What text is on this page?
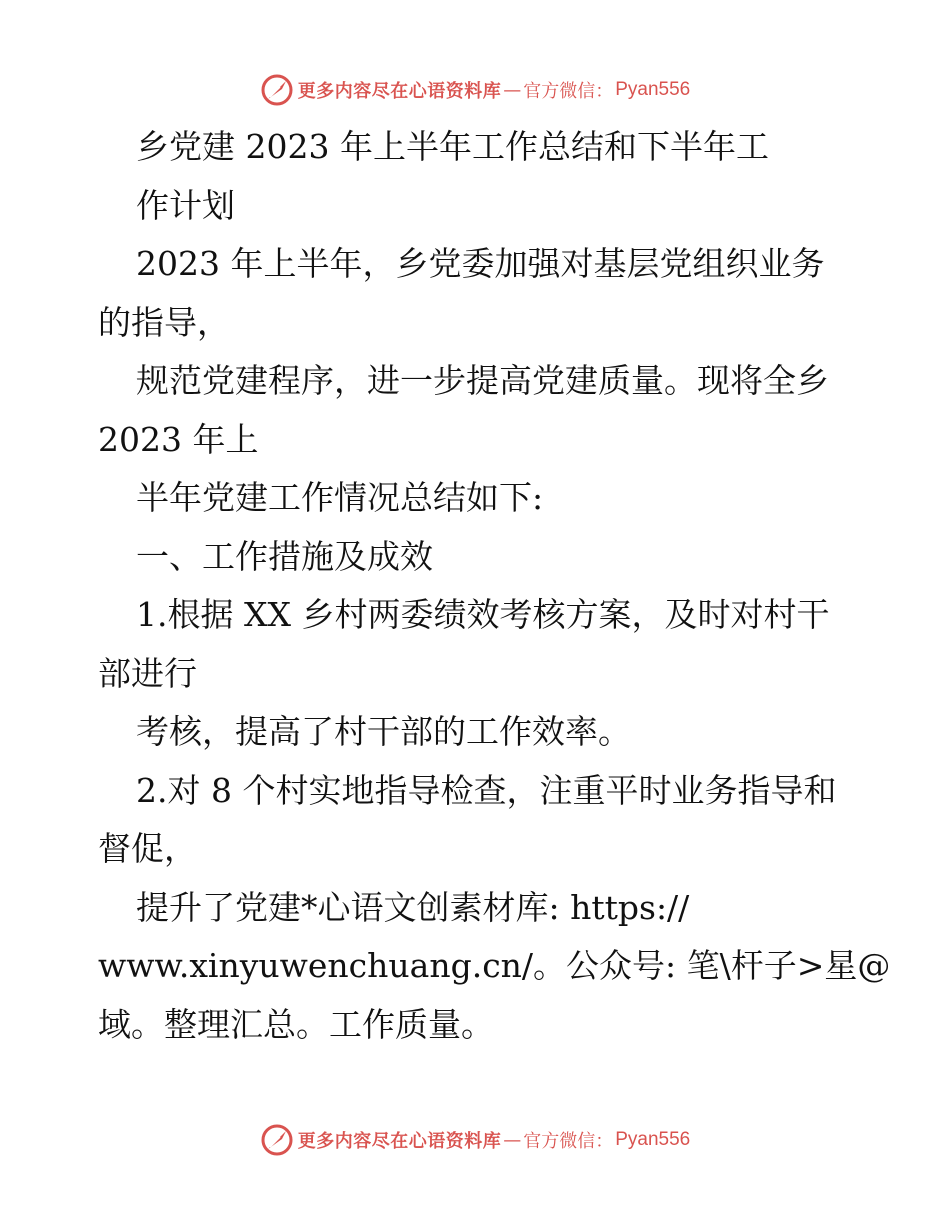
更多内容尽在心语资料库 — 官方微信： Pyan556

乡党建 2023 年上半年工作总结和下半年工

作计划

2023 年上半年，乡党委加强对基层党组织业务

的指导，

规范党建程序，进一步提高党建质量。现将全乡

2023 年上

半年党建工作情况总结如下:

一、工作措施及成效

1.根据 XX 乡村两委绩效考核方案，及时对村干

部进行

考核，提高了村干部的工作效率。

2.对 8 个村实地指导检查，注重平时业务指导和

督促，

提升了党建*心语文创素材库: https://

www.xinyuwenchuang.cn/。公众号: 笔\杆子>星@

域。整理汇总。工作质量。

更多内容尽在心语资料库 — 官方微信： Pyan556
